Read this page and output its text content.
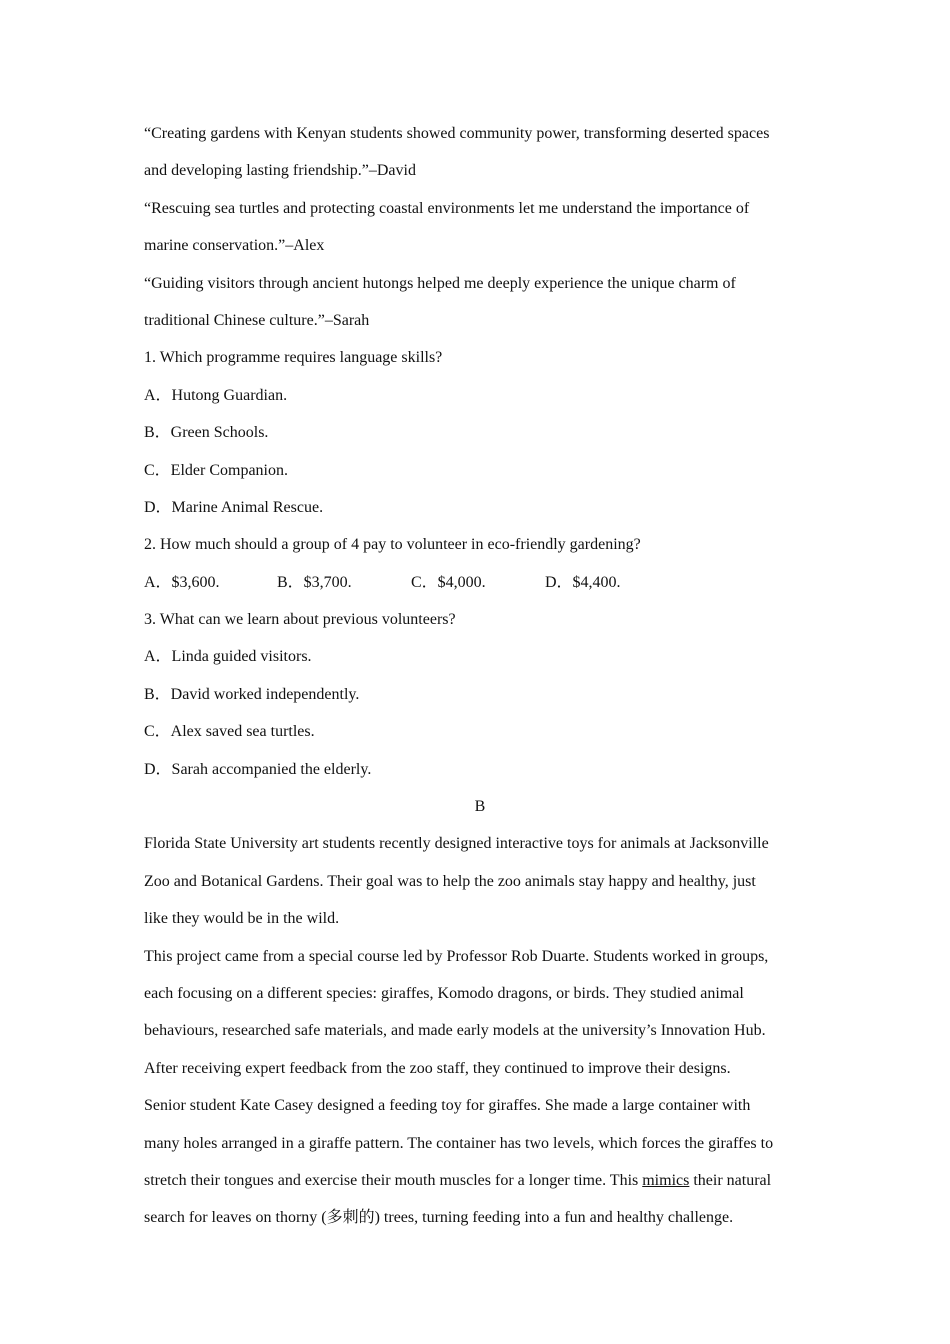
“Creating gardens with Kenyan students showed community power, transforming deserted spaces
and developing lasting friendship.”–David
“Rescuing sea turtles and protecting coastal environments let me understand the importance of
marine conservation.”–Alex
“Guiding visitors through ancient hutongs helped me deeply experience the unique charm of
traditional Chinese culture.”–Sarah
1. Which programme requires language skills?
A．Hutong Guardian.
B．Green Schools.
C．Elder Companion.
D．Marine Animal Rescue.
2. How much should a group of 4 pay to volunteer in eco-friendly gardening?
A．$3,600.	B．$3,700.	C．$4,000.	D．$4,400.
3. What can we learn about previous volunteers?
A．Linda guided visitors.
B．David worked independently.
C．Alex saved sea turtles.
D．Sarah accompanied the elderly.
B
Florida State University art students recently designed interactive toys for animals at Jacksonville
Zoo and Botanical Gardens. Their goal was to help the zoo animals stay happy and healthy, just
like they would be in the wild.
This project came from a special course led by Professor Rob Duarte. Students worked in groups,
each focusing on a different species: giraffes, Komodo dragons, or birds. They studied animal
behaviours, researched safe materials, and made early models at the university’s Innovation Hub.
After receiving expert feedback from the zoo staff, they continued to improve their designs.
Senior student Kate Casey designed a feeding toy for giraffes. She made a large container with
many holes arranged in a giraffe pattern. The container has two levels, which forces the giraffes to
stretch their tongues and exercise their mouth muscles for a longer time. This mimics their natural
search for leaves on thorny (多刺的) trees, turning feeding into a fun and healthy challenge.
